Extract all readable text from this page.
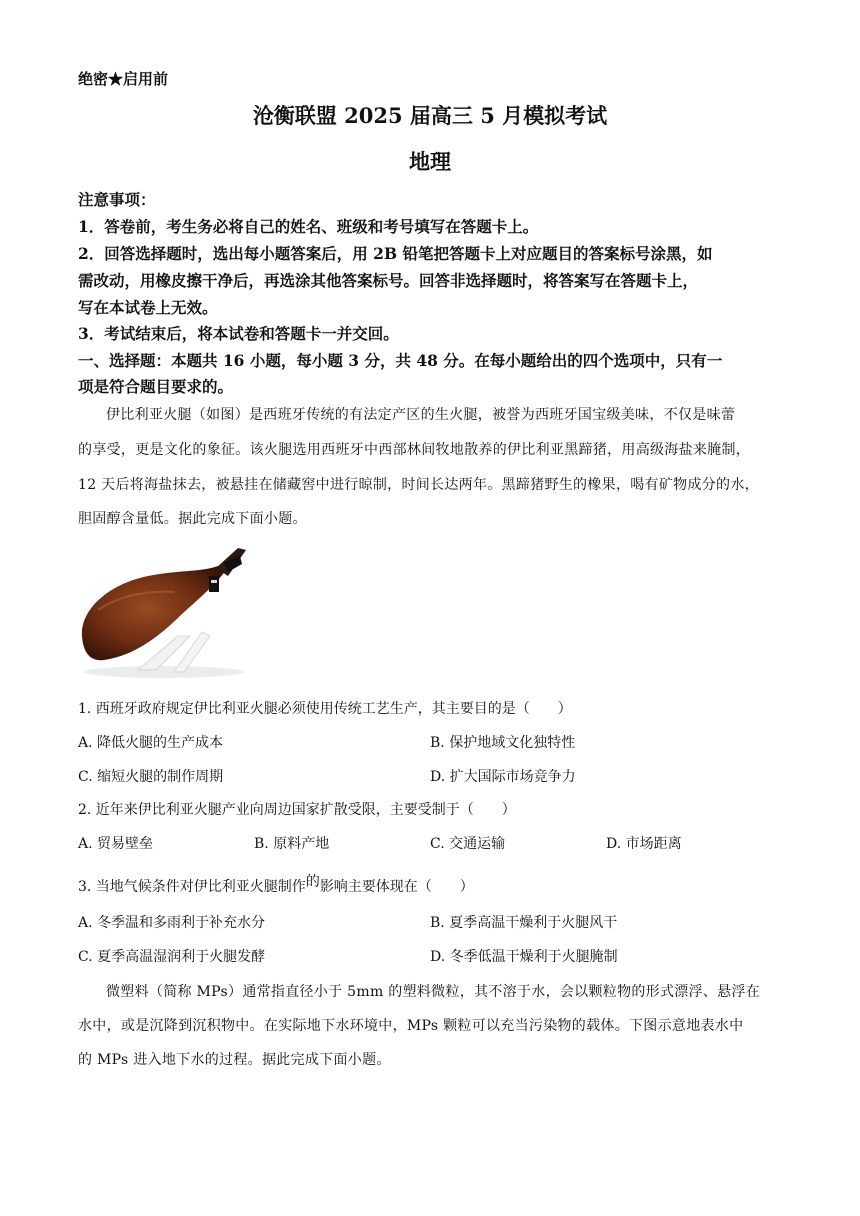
绝密★启用前
沧衡联盟 2025 届高三 5 月模拟考试
地理
注意事项：
1．答卷前，考生务必将自己的姓名、班级和考号填写在答题卡上。
2．回答选择题时，选出每小题答案后，用 2B 铅笔把答题卡上对应题目的答案标号涂黑，如
需改动，用橡皮擦干净后，再选涂其他答案标号。回答非选择题时，将答案写在答题卡上，
写在本试卷上无效。
3．考试结束后，将本试卷和答题卡一并交回。
一、选择题：本题共 16 小题，每小题 3 分，共 48 分。在每小题给出的四个选项中，只有一
项是符合题目要求的。
伊比利亚火腿（如图）是西班牙传统的有法定产区的生火腿，被誉为西班牙国宝级美味，不仅是味蕾
的享受，更是文化的象征。该火腿选用西班牙中西部林间牧地散养的伊比利亚黑蹄猪，用高级海盐来腌制，
12 天后将海盐抹去，被悬挂在储藏窖中进行晾制，时间长达两年。黑蹄猪野生的橡果，喝有矿物成分的水，
胆固醇含量低。据此完成下面小题。
1. 西班牙政府规定伊比利亚火腿必须使用传统工艺生产，其主要目的是（　　）
A. 降低火腿的生产成本	B. 保护地域文化独特性
C. 缩短火腿的制作周期	D. 扩大国际市场竞争力
2. 近年来伊比利亚火腿产业向周边国家扩散受限，主要受制于（　　）
A. 贸易壁垒	B. 原料产地	C. 交通运输	D. 市场距离
3. 当地气候条件对伊比利亚火腿制作的影响主要体现在（　　）
A. 冬季温和多雨利于补充水分	B. 夏季高温干燥利于火腿风干
C. 夏季高温湿润利于火腿发酵	D. 冬季低温干燥利于火腿腌制
微塑料（简称 MPs）通常指直径小于 5mm 的塑料微粒，其不溶于水，会以颗粒物的形式漂浮、悬浮在
水中，或是沉降到沉积物中。在实际地下水环境中，MPs 颗粒可以充当污染物的载体。下图示意地表水中
的 MPs 进入地下水的过程。据此完成下面小题。
